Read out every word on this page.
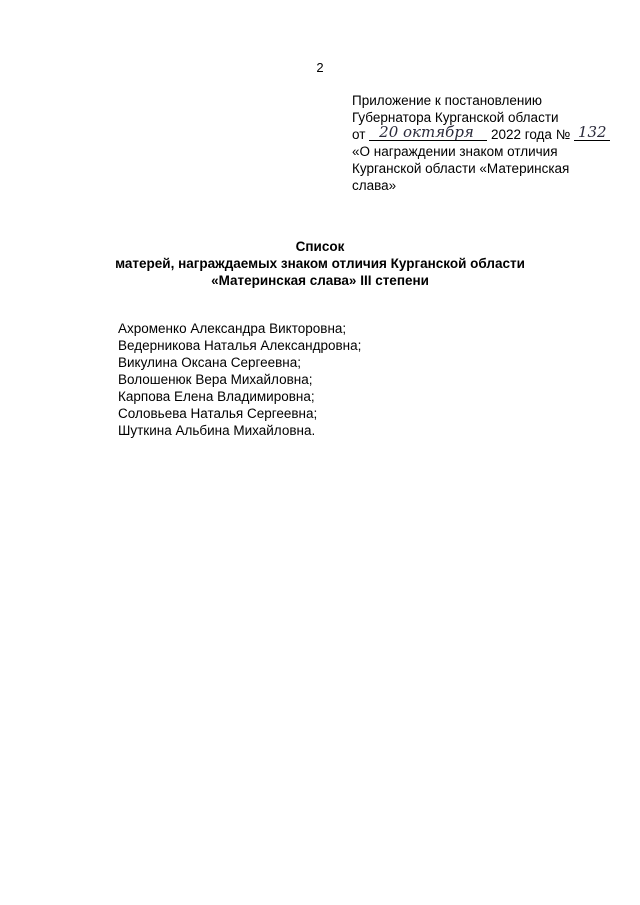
2
Приложение к постановлению
Губернатора Курганской области
от 20 октября 2022 года № 132
«О награждении знаком отличия
Курганской области «Материнская
слава»
Список
матерей, награждаемых знаком отличия Курганской области
«Материнская слава» III степени
Ахроменко Александра Викторовна;
Ведерникова Наталья Александровна;
Викулина Оксана Сергеевна;
Волошенюк Вера Михайловна;
Карпова Елена Владимировна;
Соловьева Наталья Сергеевна;
Шуткина Альбина Михайловна.
